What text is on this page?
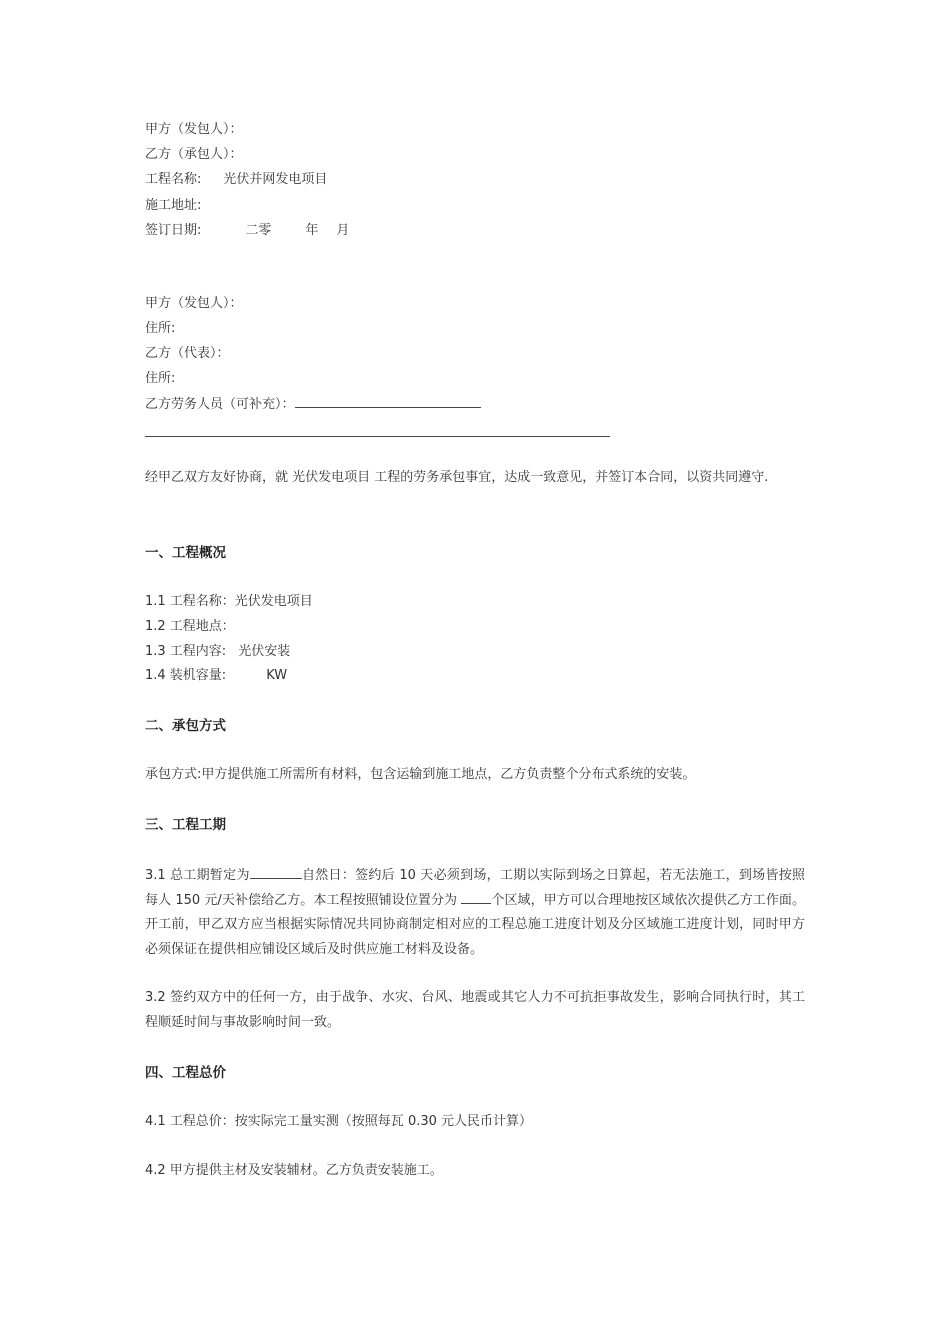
甲方（发包人）：
乙方（承包人）：
工程名称: 光伏并网发电项目
施工地址:
签订日期:	二零	年 月
甲方（发包人）：
住所:
乙方（代表）：
住所:
乙方劳务人员（可补充）：
经甲乙双方友好协商，就 光伏发电项目 工程的劳务承包事宜，达成一致意见，并签订本合同，以资共同遵守.
一、工程概况
1.1 工程名称：光伏发电项目
1.2 工程地点：
1.3 工程内容: 光伏安装
1.4 装机容量:	KW
二、承包方式
承包方式:甲方提供施工所需所有材料，包含运输到施工地点，乙方负责整个分布式系统的安装。
三、工程工期
3.1 总工期暂定为	自然日：签约后 10 天必须到场，工期以实际到场之日算起，若无法施工，到场皆按照每人 150 元/天补偿给乙方。本工程按照铺设位置分为 个区域，甲方可以合理地按区域依次提供乙方工作面。开工前，甲乙双方应当根据实际情况共同协商制定相对应的工程总施工进度计划及分区域施工进度计划，同时甲方必须保证在提供相应铺设区域后及时供应施工材料及设备。
3.2 签约双方中的任何一方，由于战争、水灾、台风、地震或其它人力不可抗拒事故发生，影响合同执行时，其工程顺延时间与事故影响时间一致。
四、工程总价
4.1 工程总价：按实际完工量实测（按照每瓦 0.30 元人民币计算）
4.2 甲方提供主材及安装辅材。乙方负责安装施工。
